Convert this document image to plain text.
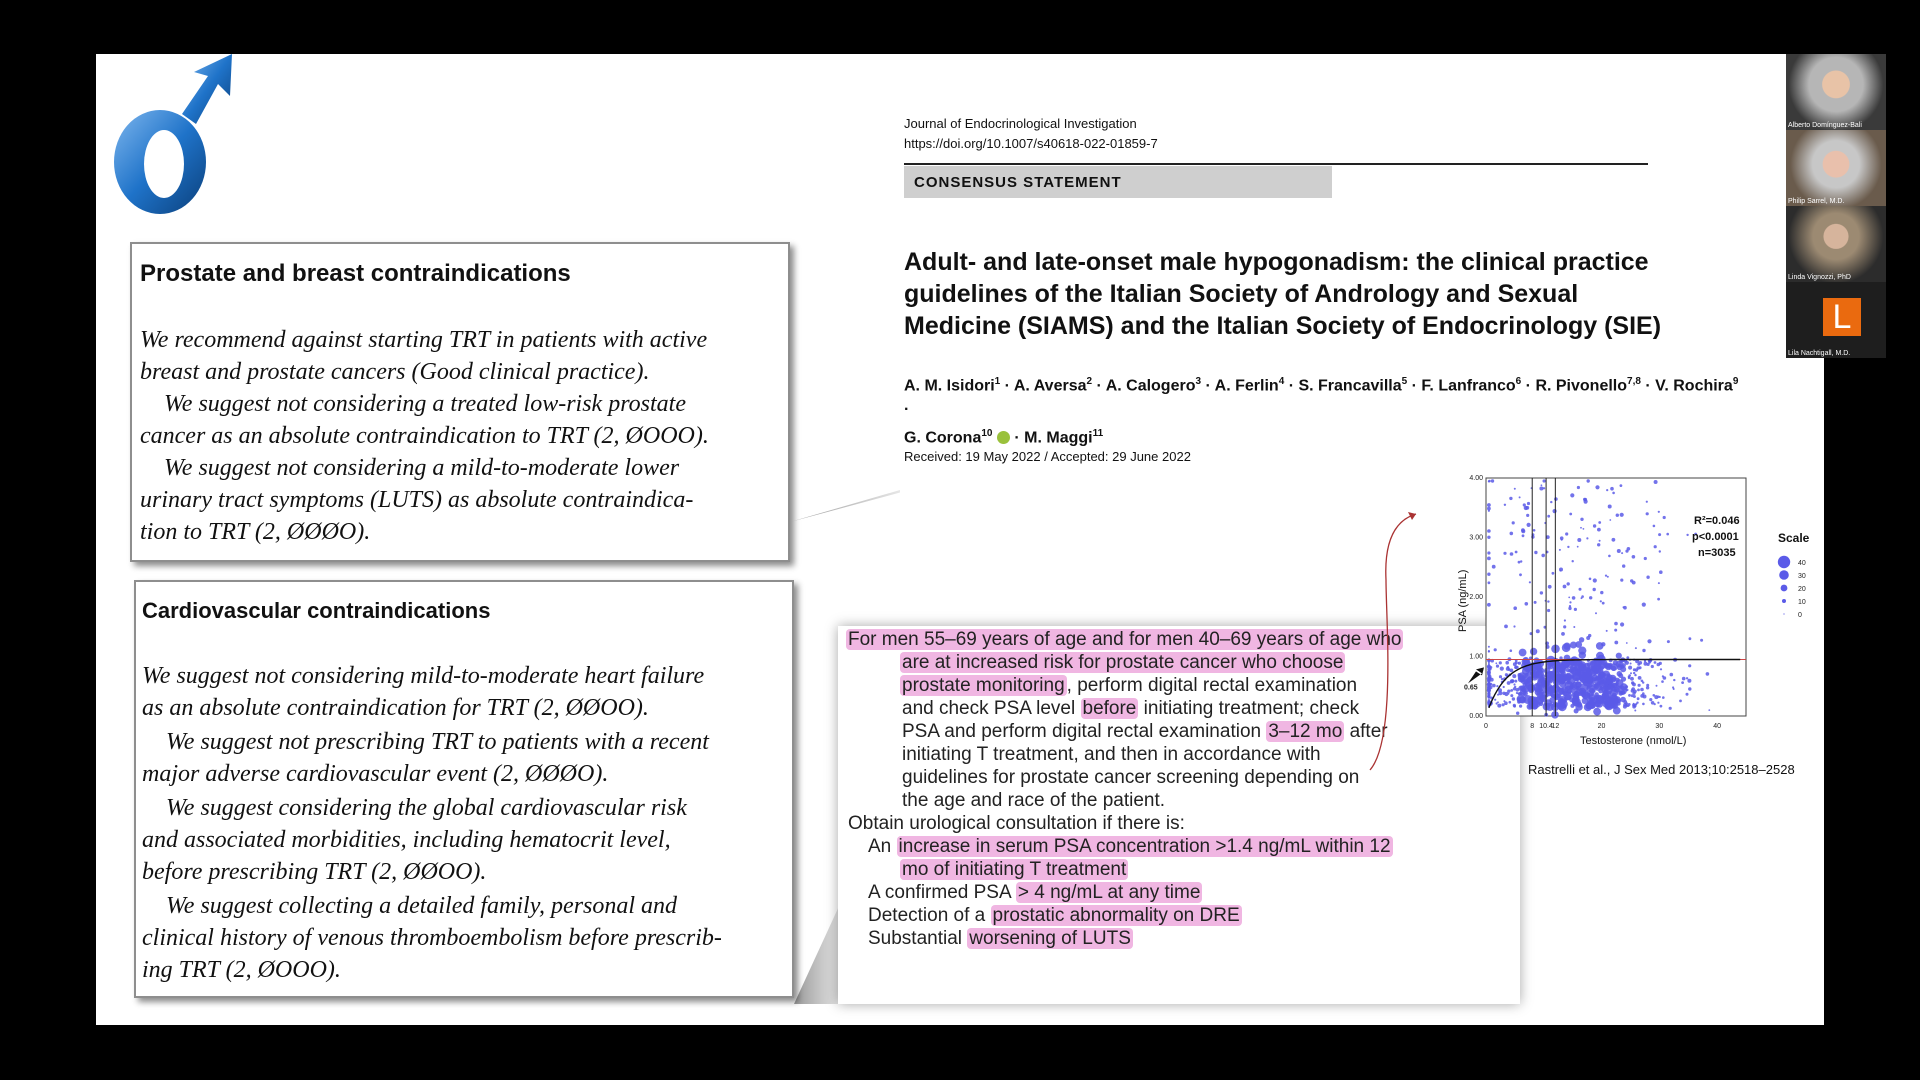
Prostate and breast contraindications
We recommend against starting TRT in patients with active
breast and prostate cancers (Good clinical practice).
We suggest not considering a treated low-risk prostate
cancer as an absolute contraindication to TRT (2, ØOOO).
We suggest not considering a mild-to-moderate lower
urinary tract symptoms (LUTS) as absolute contraindica-
tion to TRT (2, ØØØO).
Cardiovascular contraindications
We suggest not considering mild-to-moderate heart failure
as an absolute contraindication for TRT (2, ØØOO).
We suggest not prescribing TRT to patients with a recent
major adverse cardiovascular event (2, ØØØO).
We suggest considering the global cardiovascular risk
and associated morbidities, including hematocrit level,
before prescribing TRT (2, ØØOO).
We suggest collecting a detailed family, personal and
clinical history of venous thromboembolism before prescrib-
ing TRT (2, ØOOO).
Journal of Endocrinological Investigation
https://doi.org/10.1007/s40618-022-01859-7
CONSENSUS STATEMENT
Adult- and late-onset male hypogonadism: the clinical practice guidelines of the Italian Society of Andrology and Sexual Medicine (SIAMS) and the Italian Society of Endocrinology (SIE)
A. M. Isidori$^1$ · A. Aversa$^2$ · A. Calogero$^3$ · A. Ferlin$^4$ · S. Francavilla$^5$ · F. Lanfranco$^6$ · R. Pivonello$^{7,8}$ · V. Rochira$^9$ ·
G. Corona$^{10}$  · M. Maggi$^{11}$
Received: 19 May 2022 / Accepted: 29 June 2022
For men 55–69 years of age and for men 40–69 years of age who
are at increased risk for prostate cancer who choose
prostate monitoring , perform digital rectal examination
and check PSA level before initiating treatment; check
PSA and perform digital rectal examination 3–12 mo after
initiating T treatment, and then in accordance with
guidelines for prostate cancer screening depending on
the age and race of the patient.
Obtain urological consultation if there is:
An increase in serum PSA concentration >1.4 ng/mL within 12
mo of initiating T treatment
A confirmed PSA > 4 ng/mL at any time
Detection of a prostatic abnormality on DRE
Substantial worsening of LUTS
0	8 10.4
12	20	30	40
0.00
1.00
2.00
3.00
4.00
0.65
Testosterone (nmol/L)
PSA (ng/mL)
R²=0.046
p<0.0001
n=3035
Scale
40
30
20
10
0
Rastrelli et al., J Sex Med 2013;10:2518–2528
Alberto Domínguez-Bali
Philip Sarrel, M.D.
Linda Vignozzi, PhD
L
Lila Nachtigall, M.D.
